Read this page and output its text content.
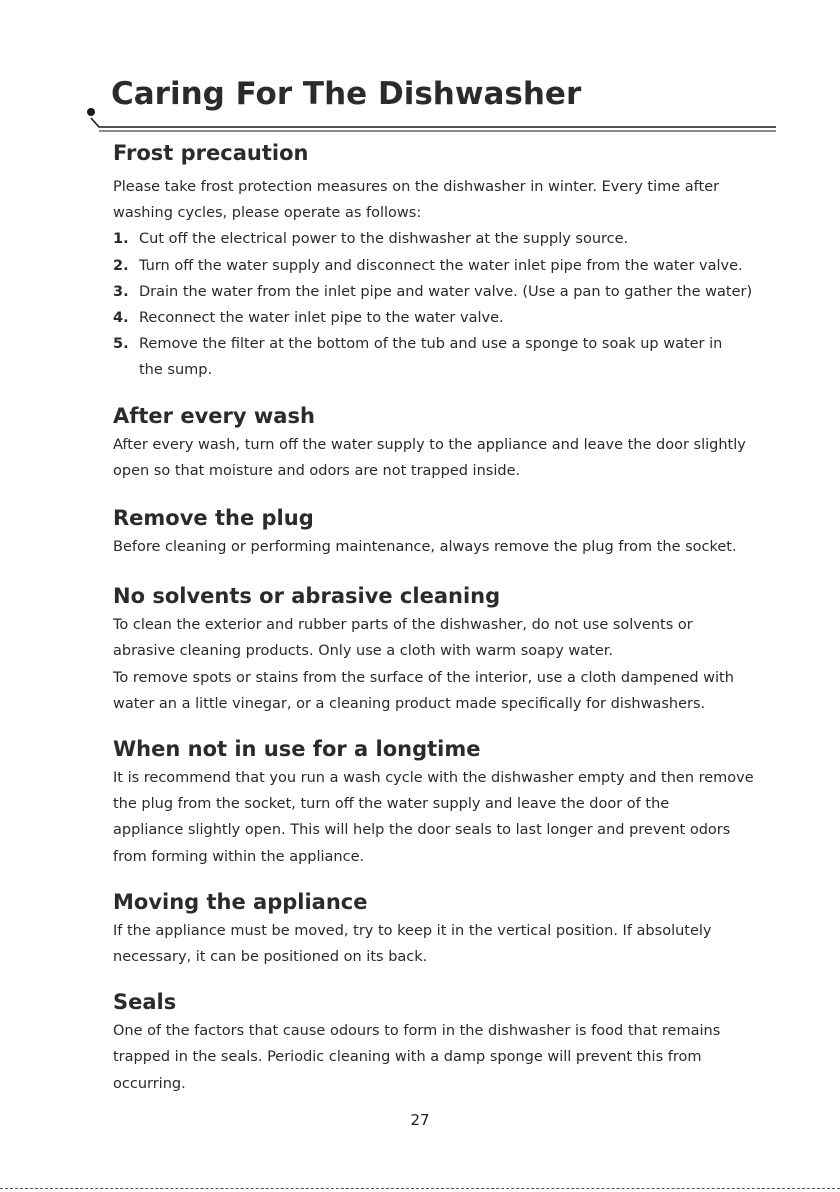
Caring For The Dishwasher
Frost precaution

Please take frost protection measures on the dishwasher in winter. Every time after

washing cycles, please operate as follows:

1. Cut off the electrical power to the dishwasher at the supply source.
2. Turn off the water supply and disconnect the water inlet pipe from the water valve.
3. Drain the water from the inlet pipe and water valve. (Use a pan to gather the water)
4. Reconnect the water inlet pipe to the water valve.
5. Remove the filter at the bottom of the tub and use a sponge to soak up water in
the sump.
After every wash

After every wash, turn off the water supply to the appliance and leave the door slightly

open so that moisture and odors are not trapped inside.

Remove the plug

Before cleaning or performing maintenance, always remove the plug from the socket.

No solvents or abrasive cleaning

To clean the exterior and rubber parts of the dishwasher, do not use solvents or

abrasive cleaning products. Only use a cloth with warm soapy water.

To remove spots or stains from the surface of the interior, use a cloth dampened with

water an a little vinegar, or a cleaning product made specifically for dishwashers.

When not in use for a longtime

It is recommend that you run a wash cycle with the dishwasher empty and then remove

the plug from the socket, turn off the water supply and leave the door of the

appliance slightly open. This will help the door seals to last longer and prevent odors

from forming within the appliance.

Moving the appliance

If the appliance must be moved, try to keep it in the vertical position. If absolutely

necessary, it can be positioned on its back.

Seals

One of the factors that cause odours to form in the dishwasher is food that remains

trapped in the seals. Periodic cleaning with a damp sponge will prevent this from

occurring.

27
